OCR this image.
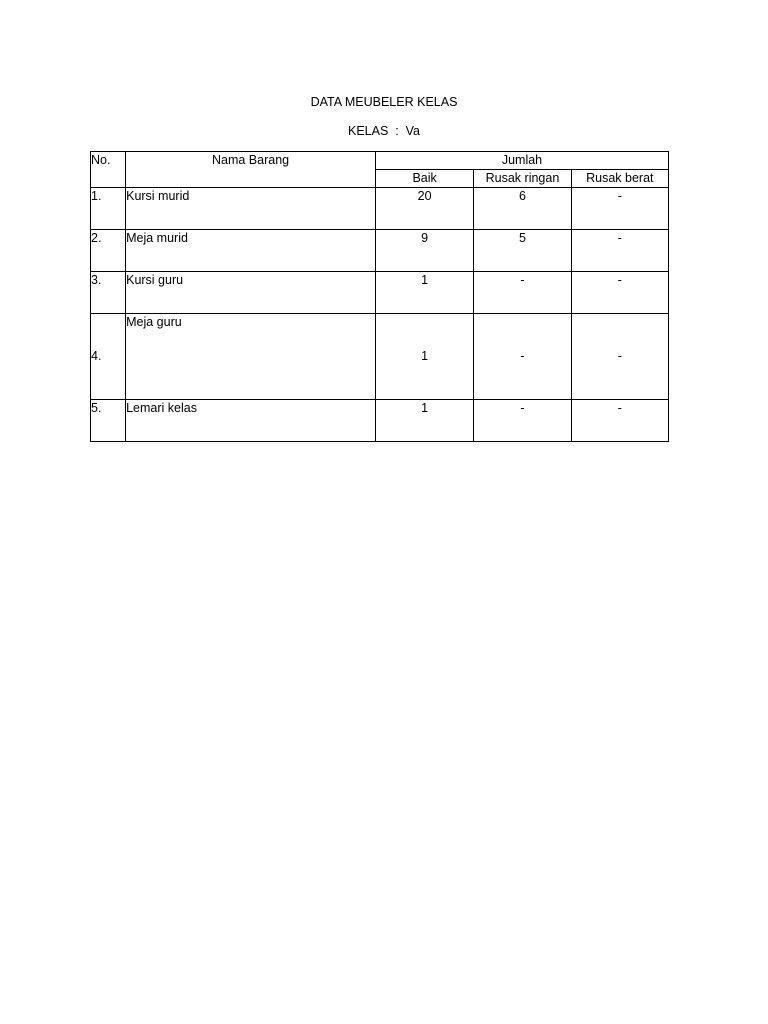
DATA MEUBELER KELAS
KELAS  :  Va
No.	Nama Barang	Jumlah		
		Baik	Rusak ringan	Rusak berat
1.	Kursi murid	20	6	-
2.	Meja murid	9	5	-
3.	Kursi guru	1	-	-
4.	Meja guru	1	-	-
5.	Lemari kelas	1	-	-
